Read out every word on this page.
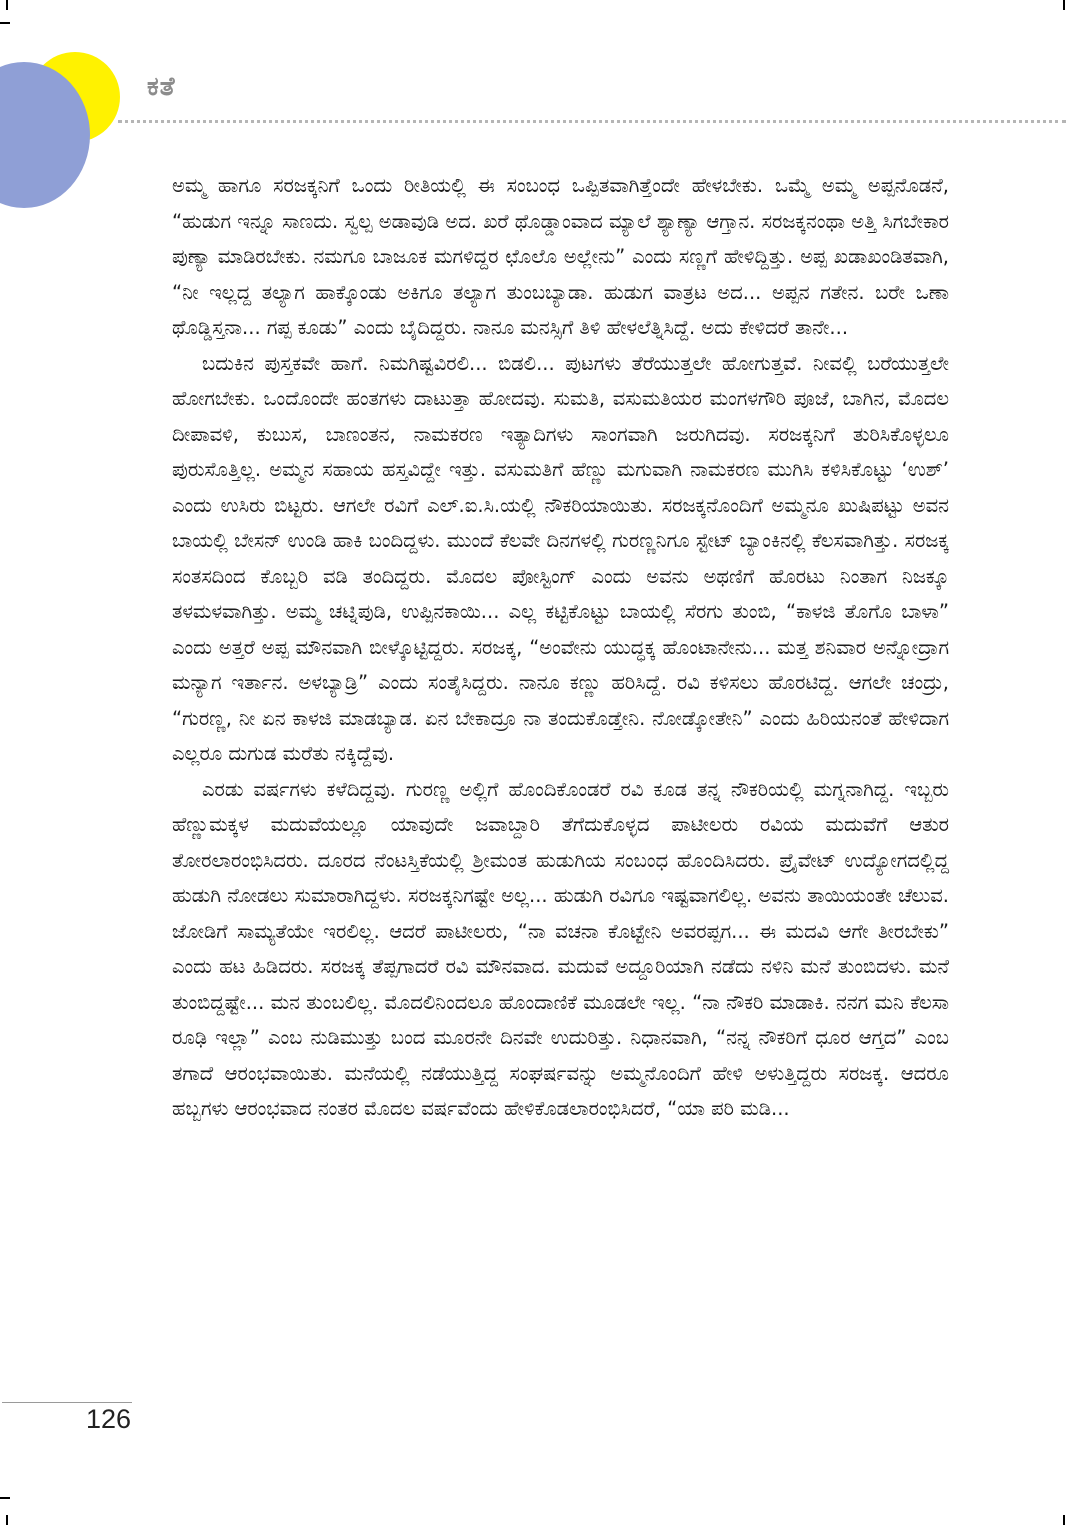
ಕತೆ

ಅಮ್ಮ ಹಾಗೂ ಸರಜಕ್ಕನಿಗೆ ಒಂದು ರೀತಿಯಲ್ಲಿ ಈ ಸಂಬಂಧ ಒಪ್ಪಿತವಾಗಿತ್ತೆಂದೇ ಹೇಳಬೇಕು. ಒಮ್ಮೆ ಅಮ್ಮ ಅಪ್ಪನೊಡನೆ, “ಹುಡುಗ ಇನ್ನೂ ಸಾಣದು. ಸ್ವಲ್ಪ ಅಡಾವುಡಿ ಅದ. ಖರೆ ಥೊಡ್ಡಾಂವಾದ ಮ್ಯಾಲೆ ಶ್ಯಾಣ್ಯಾ ಆಗ್ತಾನ. ಸರಜಕ್ಕನಂಥಾ ಅತ್ತಿ ಸಿಗಬೇಕಾರ ಪುಣ್ಯಾ ಮಾಡಿರಬೇಕು. ನಮಗೂ ಬಾಜೂಕ ಮಗಳಿದ್ದರ ಛೊಲೊ ಅಲ್ಲೇನು” ಎಂದು ಸಣ್ಣಗೆ ಹೇಳಿದ್ದಿತ್ತು. ಅಪ್ಪ ಖಡಾಖಂಡಿತವಾಗಿ, “ನೀ ಇಲ್ಲದ್ದ ತಲ್ಯಾಗ ಹಾಕ್ಕೊಂಡು ಅಕಿಗೂ ತಲ್ಯಾಗ ತುಂಬಬ್ಯಾಡಾ. ಹುಡುಗ ವಾತ್ರಟ ಅದ... ಅಪ್ಪನ ಗತೇನ. ಬರೇ ಒಣಾ ಥೊಡ್ಡಿಸ್ತನಾ... ಗಪ್ಪ ಕೂಡು” ಎಂದು ಬೈದಿದ್ದರು. ನಾನೂ ಮನಸ್ಸಿಗೆ ತಿಳಿ ಹೇಳಲೆತ್ನಿಸಿದ್ದೆ. ಅದು ಕೇಳಿದರೆ ತಾನೇ...

ಬದುಕಿನ ಪುಸ್ತಕವೇ ಹಾಗೆ. ನಿಮಗಿಷ್ಟವಿರಲಿ... ಬಿಡಲಿ... ಪುಟಗಳು ತೆರೆಯುತ್ತಲೇ ಹೋಗುತ್ತವೆ. ನೀವಲ್ಲಿ ಬರೆಯುತ್ತಲೇ ಹೋಗಬೇಕು. ಒಂದೊಂದೇ ಹಂತಗಳು ದಾಟುತ್ತಾ ಹೋದವು. ಸುಮತಿ, ವಸುಮತಿಯರ ಮಂಗಳಗೌರಿ ಪೂಜೆ, ಬಾಗಿನ, ಮೊದಲ ದೀಪಾವಳಿ, ಕುಬುಸ, ಬಾಣಂತನ, ನಾಮಕರಣ ಇತ್ಯಾದಿಗಳು ಸಾಂಗವಾಗಿ ಜರುಗಿದವು. ಸರಜಕ್ಕನಿಗೆ ತುರಿಸಿಕೊಳ್ಳಲೂ ಪುರುಸೊತ್ತಿಲ್ಲ. ಅಮ್ಮನ ಸಹಾಯ ಹಸ್ತವಿದ್ದೇ ಇತ್ತು. ವಸುಮತಿಗೆ ಹೆಣ್ಣು ಮಗುವಾಗಿ ನಾಮಕರಣ ಮುಗಿಸಿ ಕಳಿಸಿಕೊಟ್ಟು ‘ಉಶ್’ ಎಂದು ಉಸಿರು ಬಿಟ್ಟರು. ಆಗಲೇ ರವಿಗೆ ಎಲ್.ಐ.ಸಿ.ಯಲ್ಲಿ ನೌಕರಿಯಾಯಿತು. ಸರಜಕ್ಕನೊಂದಿಗೆ ಅಮ್ಮನೂ ಖುಷಿಪಟ್ಟು ಅವನ ಬಾಯಲ್ಲಿ ಬೇಸನ್ ಉಂಡಿ ಹಾಕಿ ಬಂದಿದ್ದಳು. ಮುಂದೆ ಕೆಲವೇ ದಿನಗಳಲ್ಲಿ ಗುರಣ್ಣನಿಗೂ ಸ್ಟೇಟ್ ಬ್ಯಾಂಕಿನಲ್ಲಿ ಕೆಲಸವಾಗಿತ್ತು. ಸರಜಕ್ಕ ಸಂತಸದಿಂದ ಕೊಬ್ಬರಿ ವಡಿ ತಂದಿದ್ದರು. ಮೊದಲ ಪೋಸ್ಟಿಂಗ್ ಎಂದು ಅವನು ಅಥಣಿಗೆ ಹೊರಟು ನಿಂತಾಗ ನಿಜಕ್ಕೂ ತಳಮಳವಾಗಿತ್ತು. ಅಮ್ಮ ಚಟ್ನಿಪುಡಿ, ಉಪ್ಪಿನಕಾಯಿ... ಎಲ್ಲ ಕಟ್ಟಿಕೊಟ್ಟು ಬಾಯಲ್ಲಿ ಸೆರಗು ತುಂಬಿ, “ಕಾಳಜಿ ತೊಗೊ ಬಾಳಾ” ಎಂದು ಅತ್ತರೆ ಅಪ್ಪ ಮೌನವಾಗಿ ಬೀಳ್ಕೊಟ್ಟಿದ್ದರು. ಸರಜಕ್ಕ, “ಅಂವೇನು ಯುದ್ಧಕ್ಕ ಹೊಂಟಾನೇನು... ಮತ್ತ ಶನಿವಾರ ಅನ್ನೋದ್ರಾಗ ಮನ್ಯಾಗ ಇರ್ತಾನ. ಅಳಬ್ಯಾಡ್ರಿ” ಎಂದು ಸಂತೈಸಿದ್ದರು. ನಾನೂ ಕಣ್ಣು ಹರಿಸಿದ್ದೆ. ರವಿ ಕಳಿಸಲು ಹೊರಟಿದ್ದ. ಆಗಲೇ ಚಂದ್ರು, “ಗುರಣ್ಣ, ನೀ ಏನ ಕಾಳಜಿ ಮಾಡಬ್ಯಾಡ. ಏನ ಬೇಕಾದ್ರೂ ನಾ ತಂದುಕೊಡ್ತೇನಿ. ನೋಡ್ಕೋತೇನಿ” ಎಂದು ಹಿರಿಯನಂತೆ ಹೇಳಿದಾಗ ಎಲ್ಲರೂ ದುಗುಡ ಮರೆತು ನಕ್ಕಿದ್ದೆವು.

ಎರಡು ವರ್ಷಗಳು ಕಳೆದಿದ್ದವು. ಗುರಣ್ಣ ಅಲ್ಲಿಗೆ ಹೊಂದಿಕೊಂಡರೆ ರವಿ ಕೂಡ ತನ್ನ ನೌಕರಿಯಲ್ಲಿ ಮಗ್ನನಾಗಿದ್ದ. ಇಬ್ಬರು ಹೆಣ್ಣುಮಕ್ಕಳ ಮದುವೆಯಲ್ಲೂ ಯಾವುದೇ ಜವಾಬ್ದಾರಿ ತೆಗೆದುಕೊಳ್ಳದ ಪಾಟೀಲರು ರವಿಯ ಮದುವೆಗೆ ಆತುರ ತೋರಲಾರಂಭಿಸಿದರು. ದೂರದ ನೆಂಟಸ್ತಿಕೆಯಲ್ಲಿ ಶ್ರೀಮಂತ ಹುಡುಗಿಯ ಸಂಬಂಧ ಹೊಂದಿಸಿದರು. ಪ್ರೈವೇಟ್ ಉದ್ಯೋಗದಲ್ಲಿದ್ದ ಹುಡುಗಿ ನೋಡಲು ಸುಮಾರಾಗಿದ್ದಳು. ಸರಜಕ್ಕನಿಗಷ್ಟೇ ಅಲ್ಲ... ಹುಡುಗಿ ರವಿಗೂ ಇಷ್ಟವಾಗಲಿಲ್ಲ. ಅವನು ತಾಯಿಯಂತೇ ಚೆಲುವ. ಜೋಡಿಗೆ ಸಾಮ್ಯತೆಯೇ ಇರಲಿಲ್ಲ. ಆದರೆ ಪಾಟೀಲರು, “ನಾ ವಚನಾ ಕೊಟ್ಟೇನಿ ಅವರಪ್ಪಗ... ಈ ಮದವಿ ಆಗೇ ತೀರಬೇಕು” ಎಂದು ಹಟ ಹಿಡಿದರು. ಸರಜಕ್ಕ ತೆಪ್ಪಗಾದರೆ ರವಿ ಮೌನವಾದ. ಮದುವೆ ಅದ್ದೂರಿಯಾಗಿ ನಡೆದು ನಳಿನಿ ಮನೆ ತುಂಬಿದಳು. ಮನೆ ತುಂಬಿದ್ದಷ್ಟೇ... ಮನ ತುಂಬಲಿಲ್ಲ. ಮೊದಲಿನಿಂದಲೂ ಹೊಂದಾಣಿಕೆ ಮೂಡಲೇ ಇಲ್ಲ. “ನಾ ನೌಕರಿ ಮಾಡಾಕಿ. ನನಗ ಮನಿ ಕೆಲಸಾ ರೂಢಿ ಇಲ್ಲಾ” ಎಂಬ ನುಡಿಮುತ್ತು ಬಂದ ಮೂರನೇ ದಿನವೇ ಉದುರಿತ್ತು. ನಿಧಾನವಾಗಿ, “ನನ್ನ ನೌಕರಿಗೆ ಧೂರ ಆಗ್ತದ” ಎಂಬ ತಗಾದೆ ಆರಂಭವಾಯಿತು. ಮನೆಯಲ್ಲಿ ನಡೆಯುತ್ತಿದ್ದ ಸಂಘರ್ಷವನ್ನು ಅಮ್ಮನೊಂದಿಗೆ ಹೇಳಿ ಅಳುತ್ತಿದ್ದರು ಸರಜಕ್ಕ. ಆದರೂ ಹಬ್ಬಗಳು ಆರಂಭವಾದ ನಂತರ ಮೊದಲ ವರ್ಷವೆಂದು ಹೇಳಿಕೊಡಲಾರಂಭಿಸಿದರೆ, “ಯಾ ಪರಿ ಮಡಿ...

126
